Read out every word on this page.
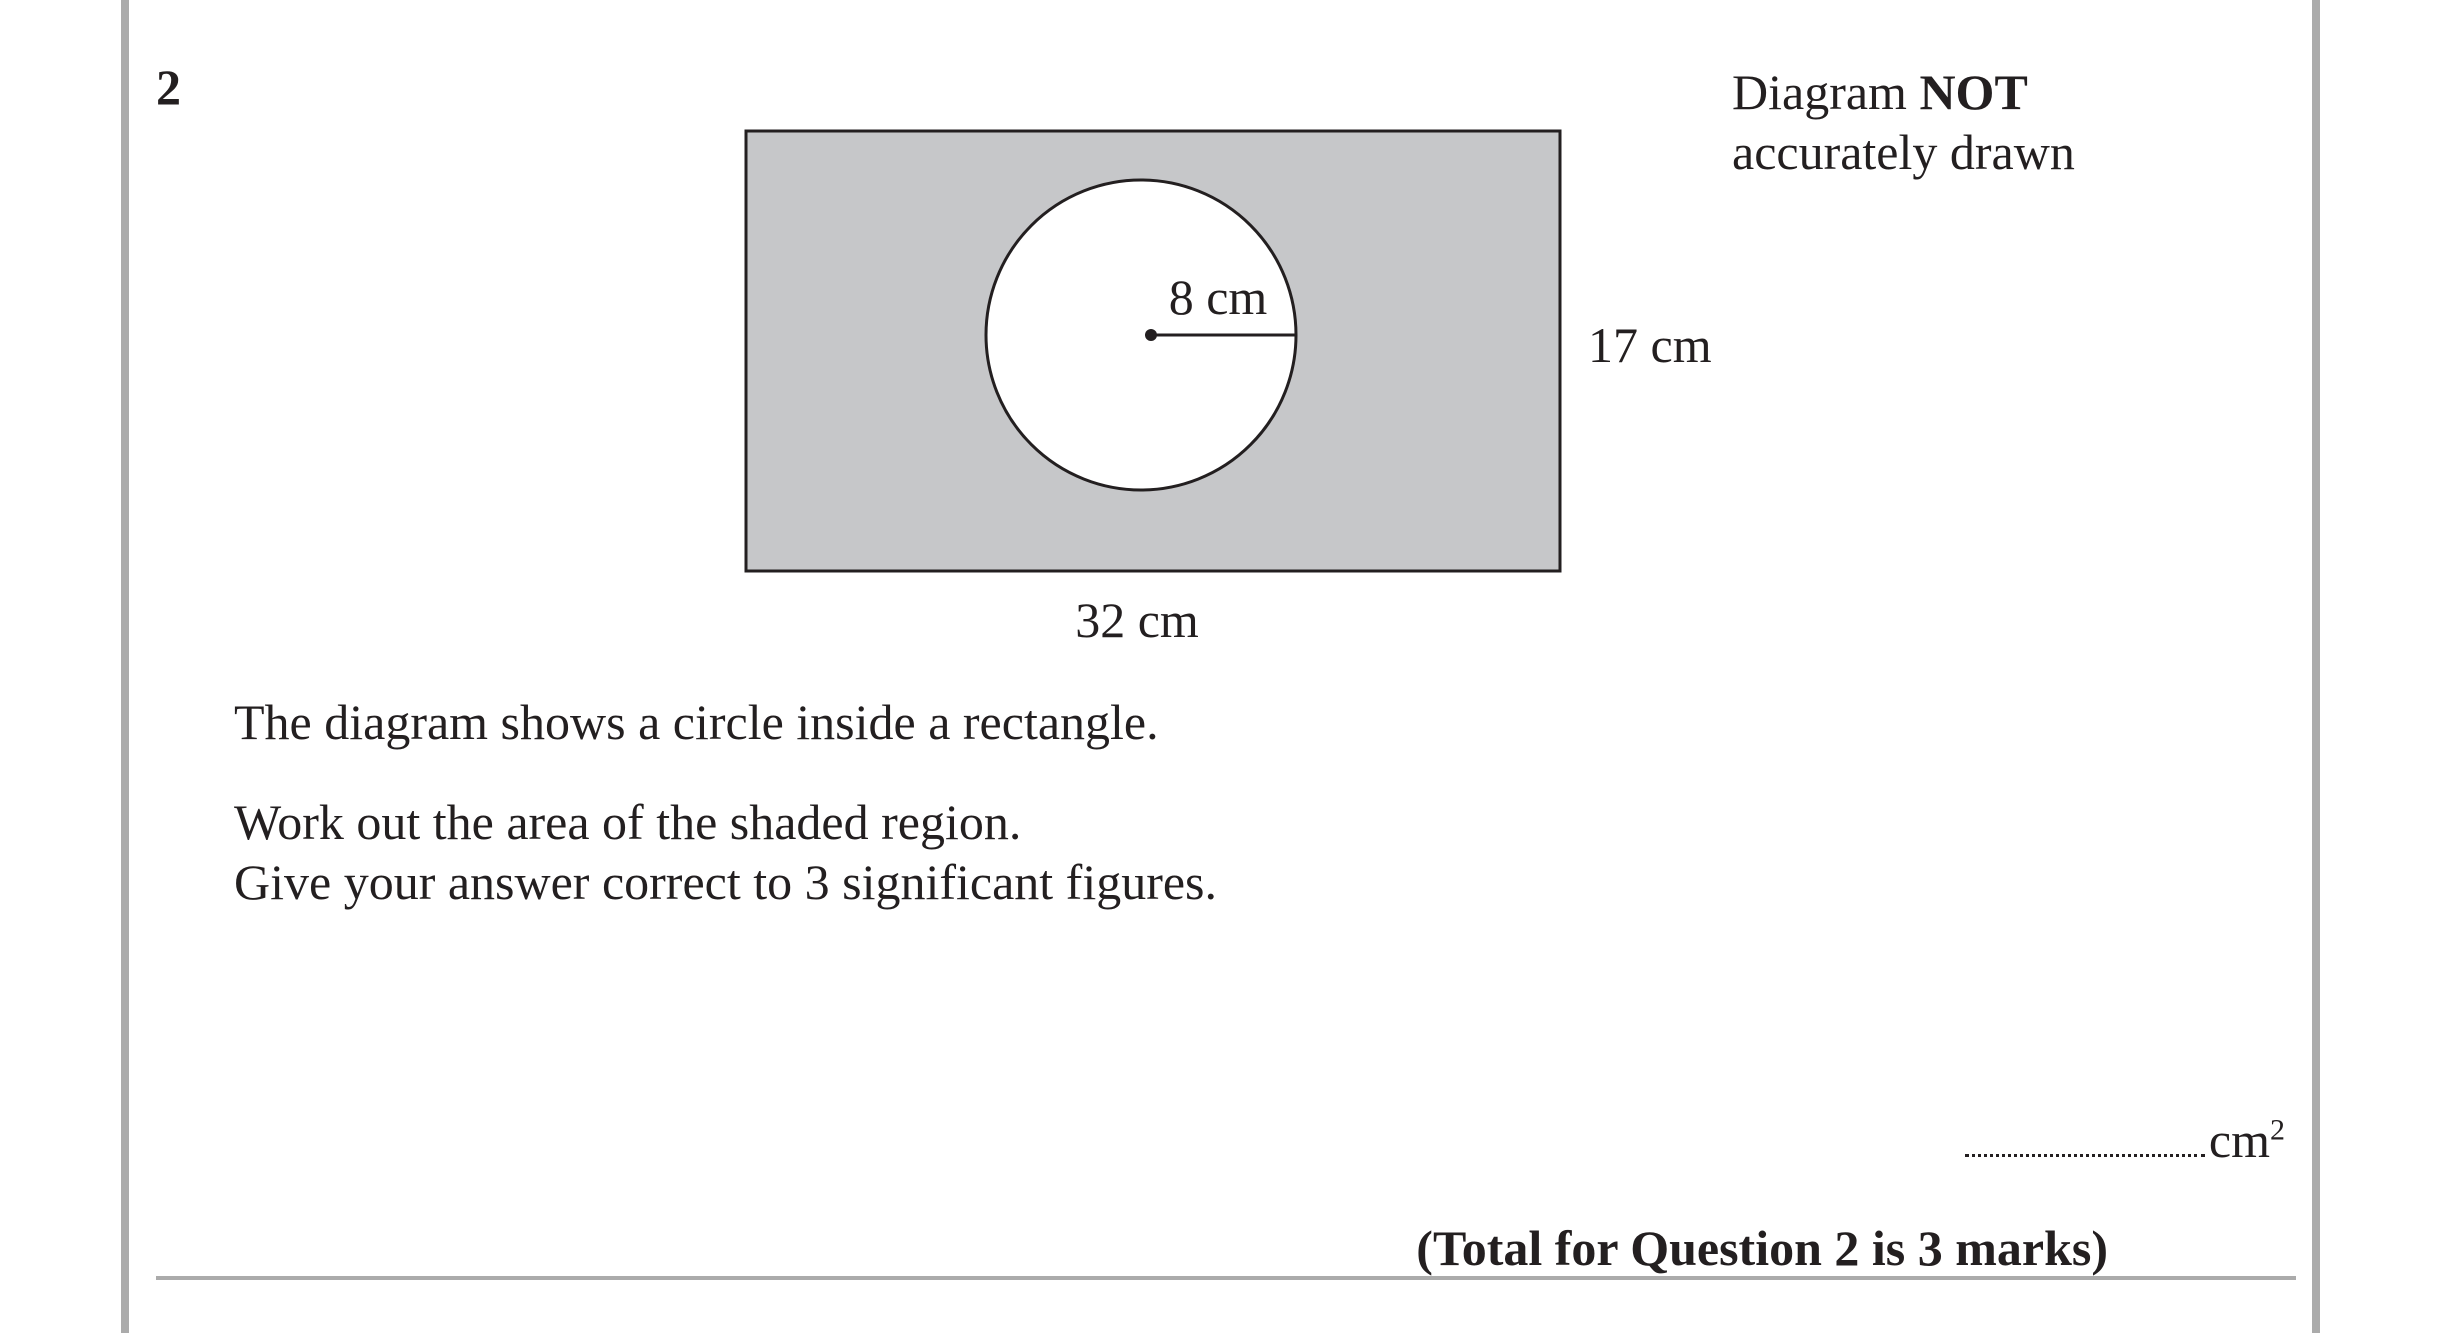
2	Diagram NOT
accurately drawn
8 cm
17 cm
32 cm
The diagram shows a circle inside a rectangle.
Work out the area of the shaded region.
Give your answer correct to 3 significant figures.
$cm^2$
(Total for Question 2 is 3 marks)
